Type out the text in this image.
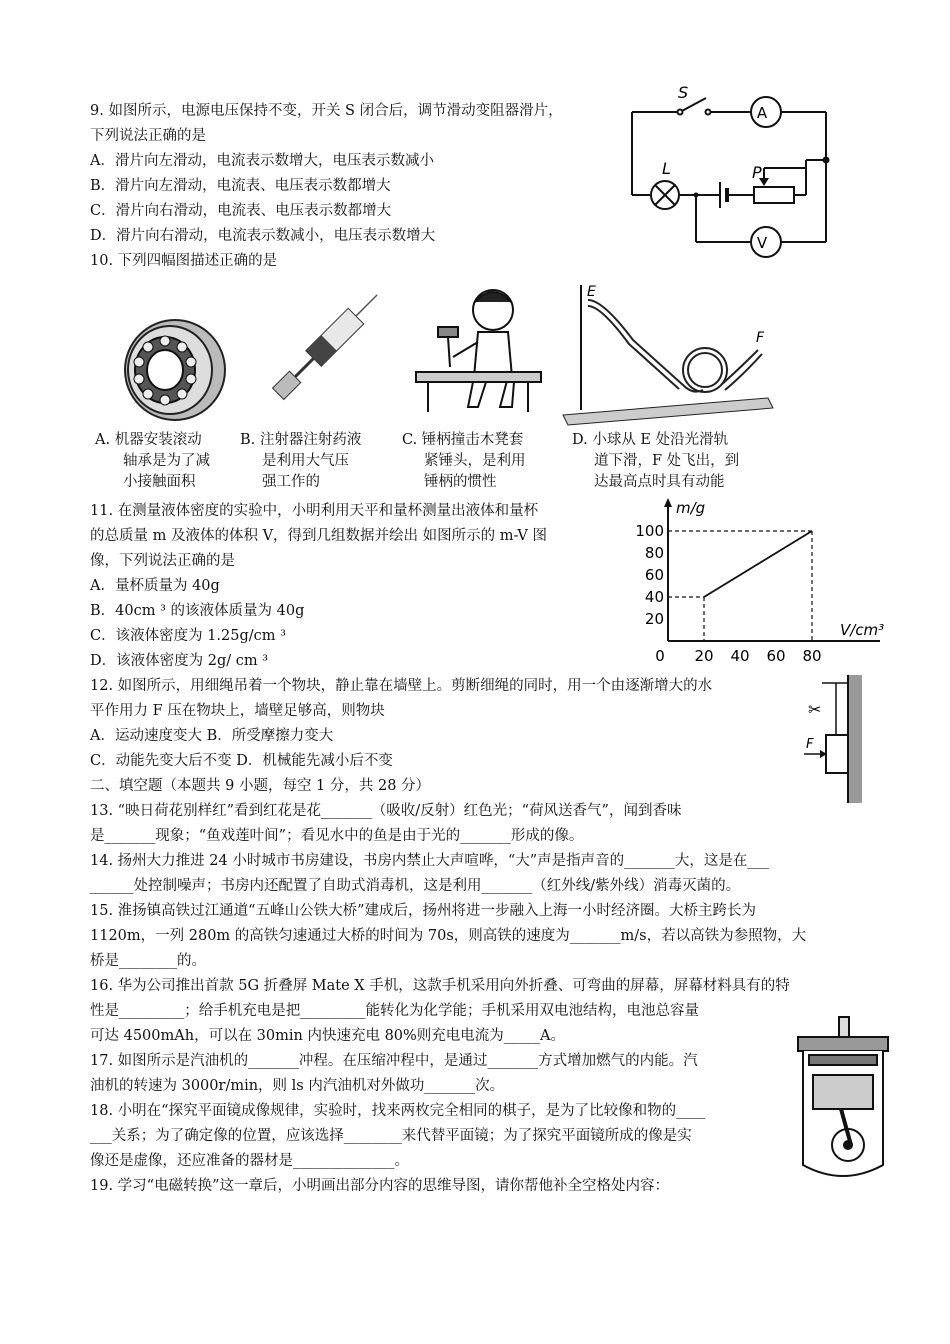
9. 如图所示，电源电压保持不变，开关 S 闭合后，调节滑动变阻器滑片，
下列说法正确的是
A．滑片向左滑动，电流表示数增大，电压表示数减小
B．滑片向左滑动，电流表、电压表示数都增大
C．滑片向右滑动，电流表、电压表示数都增大
D．滑片向右滑动，电流表示数减小，电压表示数增大
A
V
S
L	P
10. 下列四幅图描述正确的是
E
F
A. 机器安装滚动
轴承是为了减
小接触面积
B. 注射器注射药液
是利用大气压
强工作的
C. 锤柄撞击木凳套
紧锤头，是利用
锤柄的惯性
D. 小球从 E 处沿光滑轨
道下滑，F 处飞出，到
达最高点时具有动能
11. 在测量液体密度的实验中，小明利用天平和量杯测量出液体和量杯
的总质量 m 及液体的体积 V，得到几组数据并绘出 如图所示的 m-V 图
像，下列说法正确的是
A．量杯质量为 40g
B．40cm ³ 的该液体质量为 40g
C．该液体密度为 1.25g/cm ³
D．该液体密度为 2g/ cm ³
m/g
V/cm³
0 20 40 60 80
20
40
60
80
100
12. 如图所示，用细绳吊着一个物块，静止靠在墙壁上。剪断细绳的同时，用一个由逐渐增大的水
平作用力 F 压在物块上，墙壁足够高，则物块
A．运动速度变大 B．所受摩擦力变大
C．动能先变大后不变 D．机械能先减小后不变
✂
F
二、填空题（本题共 9 小题，每空 1 分，共 28 分）
13. “映日荷花别样红”看到红花是花_______（吸收/反射）红色光；“荷风送香气”，闻到香味
是_______现象；“鱼戏莲叶间”；看见水中的鱼是由于光的_______形成的像。
14. 扬州大力推进 24 小时城市书房建设，书房内禁止大声喧哗，“大”声是指声音的_______大，这是在___
______处控制噪声；书房内还配置了自助式消毒机，这是利用_______（红外线/紫外线）消毒灭菌的。
15. 淮扬镇高铁过江通道“五峰山公铁大桥”建成后，扬州将进一步融入上海一小时经济圈。大桥主跨长为
1120m，一列 280m 的高铁匀速通过大桥的时间为 70s，则高铁的速度为_______m/s，若以高铁为参照物，大
桥是________的。
16. 华为公司推出首款 5G 折叠屏 Mate X 手机，这款手机采用向外折叠、可弯曲的屏幕，屏幕材料具有的特
性是_________；给手机充电是把_________能转化为化学能；手机采用双电池结构，电池总容量
可达 4500mAh，可以在 30min 内快速充电 80%则充电电流为_____A。
17. 如图所示是汽油机的_______冲程。在压缩冲程中，是通过_______方式增加燃气的内能。汽
油机的转速为 3000r/min，则 ls 内汽油机对外做功_______次。
18. 小明在“探究平面镜成像规律，实验时，找来两枚完全相同的棋子，是为了比较像和物的____
___关系；为了确定像的位置，应该选择________来代替平面镜；为了探究平面镜所成的像是实
像还是虚像，还应准备的器材是______________。
19. 学习“电磁转换”这一章后，小明画出部分内容的思维导图，请你帮他补全空格处内容：
